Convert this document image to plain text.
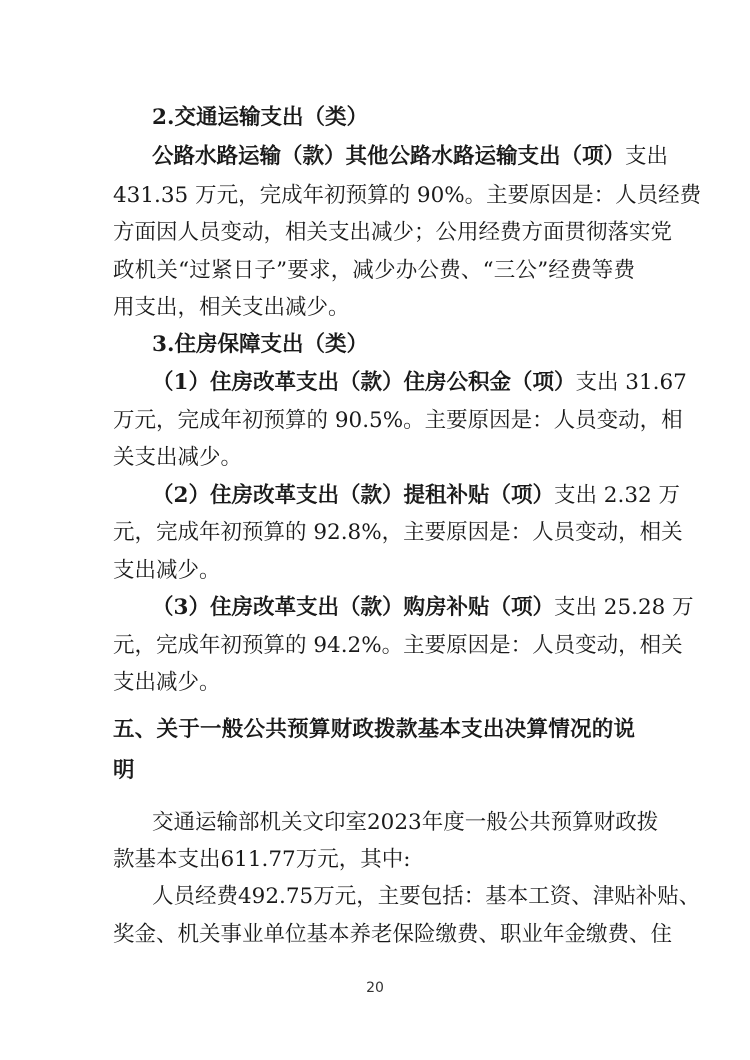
2.交通运输支出（类）
公路水路运输（款）其他公路水路运输支出（项）支出
431.35 万元，完成年初预算的 90%。主要原因是：人员经费
方面因人员变动，相关支出减少；公用经费方面贯彻落实党
政机关“过紧日子”要求，减少办公费、“三公”经费等费
用支出，相关支出减少。
3.住房保障支出（类）
（1）住房改革支出（款）住房公积金（项）支出 31.67
万元，完成年初预算的 90.5%。主要原因是：人员变动，相
关支出减少。
（2）住房改革支出（款）提租补贴（项）支出 2.32 万
元，完成年初预算的 92.8%，主要原因是：人员变动，相关
支出减少。
（3）住房改革支出（款）购房补贴（项）支出 25.28 万
元，完成年初预算的 94.2%。主要原因是：人员变动，相关
支出减少。
五、关于一般公共预算财政拨款基本支出决算情况的说
明
交通运输部机关文印室2023年度一般公共预算财政拨
款基本支出611.77万元，其中:
人员经费492.75万元，主要包括：基本工资、津贴补贴、
奖金、机关事业单位基本养老保险缴费、职业年金缴费、住
20
